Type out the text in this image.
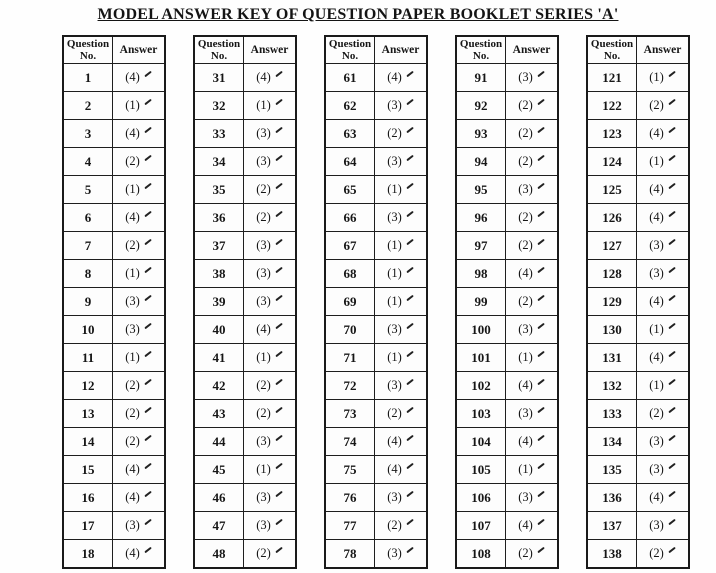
MODEL ANSWER KEY OF QUESTION PAPER BOOKLET SERIES 'A'
Question No.	Answer
1	(4)
2	(1)
3	(4)
4	(2)
5	(1)
6	(4)
7	(2)
8	(1)
9	(3)
10	(3)
11	(1)
12	(2)
13	(2)
14	(2)
15	(4)
16	(4)
17	(3)
18	(4)
Question No.	Answer
31	(4)
32	(1)
33	(3)
34	(3)
35	(2)
36	(2)
37	(3)
38	(3)
39	(3)
40	(4)
41	(1)
42	(2)
43	(2)
44	(3)
45	(1)
46	(3)
47	(3)
48	(2)
Question No.	Answer
61	(4)
62	(3)
63	(2)
64	(3)
65	(1)
66	(3)
67	(1)
68	(1)
69	(1)
70	(3)
71	(1)
72	(3)
73	(2)
74	(4)
75	(4)
76	(3)
77	(2)
78	(3)
Question No.	Answer
91	(3)
92	(2)
93	(2)
94	(2)
95	(3)
96	(2)
97	(2)
98	(4)
99	(2)
100	(3)
101	(1)
102	(4)
103	(3)
104	(4)
105	(1)
106	(3)
107	(4)
108	(2)
Question No.	Answer
121	(1)
122	(2)
123	(4)
124	(1)
125	(4)
126	(4)
127	(3)
128	(3)
129	(4)
130	(1)
131	(4)
132	(1)
133	(2)
134	(3)
135	(3)
136	(4)
137	(3)
138	(2)
